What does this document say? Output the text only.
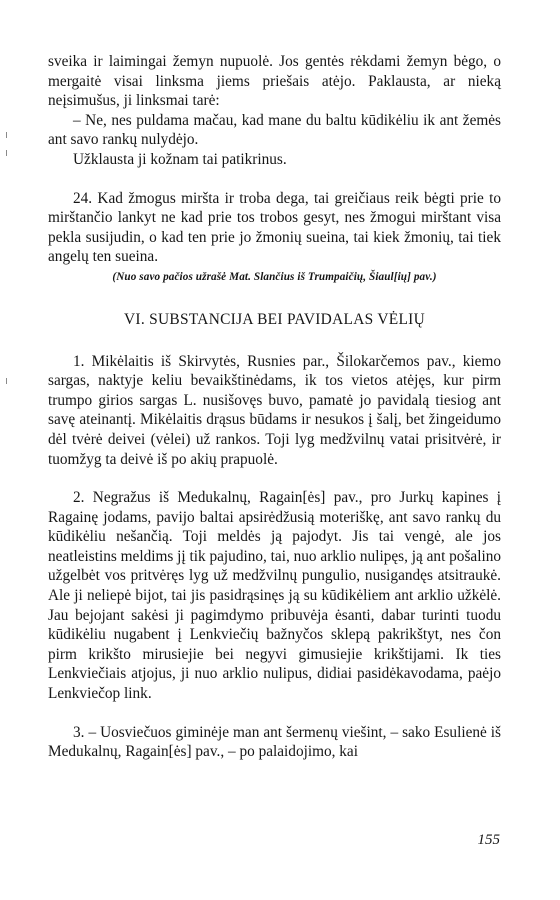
sveika ir laimingai žemyn nupuolė. Jos gentės rėkdami žemyn bėgo, o mergaitė visai linksma jiems priešais atėjo. Paklausta, ar nieką neįsimušus, ji linksmai tarė:

– Ne, nes puldama mačau, kad mane du baltu kūdikėliu ik ant žemės ant savo rankų nulydėjo.

Užklausta ji kožnam tai patikrinus.

24. Kad žmogus miršta ir troba dega, tai greičiaus reik bėgti prie to mirštančio lankyt ne kad prie tos trobos gesyt, nes žmogui mirštant visa pekla susijudin, o kad ten prie jo žmonių sueina, tai kiek žmonių, tai tiek angelų ten sueina.

(Nuo savo pačios užrašė Mat. Slančius iš Trumpaičių, Šiaul[ių] pav.)

VI. SUBSTANCIJA BEI PAVIDALAS VĖLIŲ

1. Mikėlaitis iš Skirvytės, Rusnies par., Šilokarčemos pav., kiemo sargas, naktyje keliu bevaikštinėdams, ik tos vietos atėjęs, kur pirm trumpo girios sargas L. nusišovęs buvo, pamatė jo pavidalą tiesiog ant savę ateinantį. Mikėlaitis drąsus būdams ir nesukos į šalį, bet žingeidumo dėl tvėrė deivei (vėlei) už rankos. Toji lyg medžvilnų vatai prisitvėrė, ir tuomžyg ta deivė iš po akių prapuolė.

2. Negražus iš Medukalnų, Ragain[ės] pav., pro Jurkų kapines į Ragainę jodams, pavijo baltai apsirėdžusią moteriškę, ant savo rankų du kūdikėliu nešančią. Toji meldės ją pajodyt. Jis tai vengė, ale jos neatleistins meldims jį tik pajudino, tai, nuo arklio nulipęs, ją ant pošalino užgelbėt vos pritvėręs lyg už medžvilnų pungulio, nusigandęs atsitraukė. Ale ji neliepė bijot, tai jis pasidrąsinęs ją su kūdikėliem ant arklio užkėlė. Jau bejojant sakėsi ji pagimdymo pribuvėja ėsanti, dabar turinti tuodu kūdikėliu nugabent į Lenkviečių bažnyčos sklepą pakrikštyt, nes čon pirm krikšto mirusiejie bei negyvi gimusiejie krikštijami. Ik ties Lenkviečiais atjojus, ji nuo arklio nulipus, didiai pasidėkavodama, paėjo Lenkviečop link.

3. – Uosviečuos giminėje man ant šermenų viešint, – sako Esulienė iš Medukalnų, Ragain[ės] pav., – po palaidojimo, kai

155
